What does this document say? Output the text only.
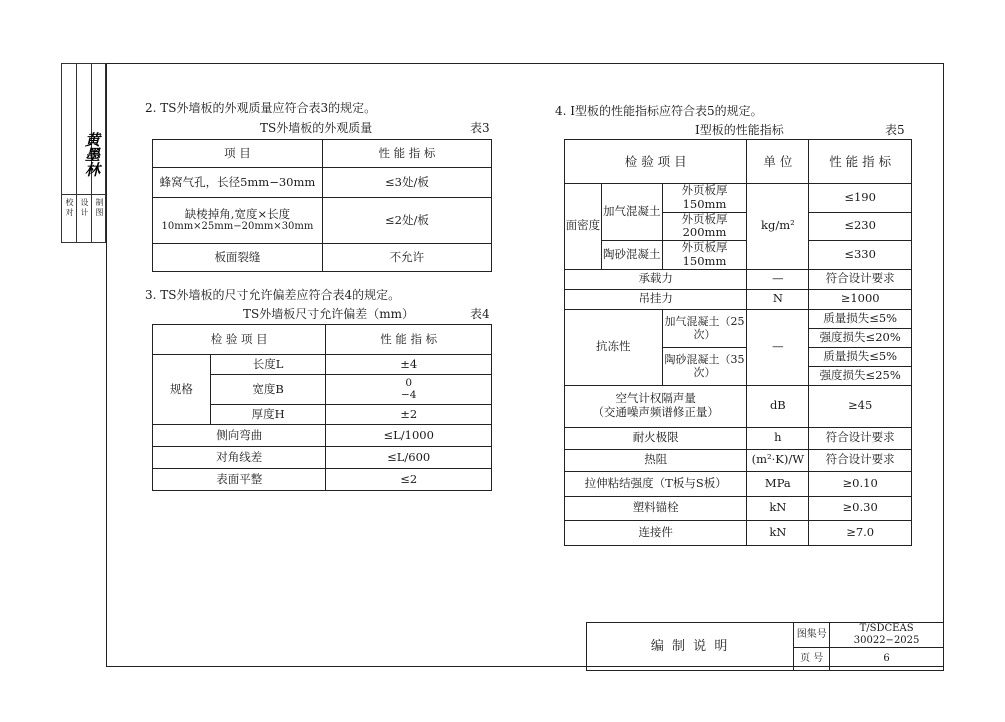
黄墨林
校对
设计
制图
2. TS外墙板的外观质量应符合表3的规定。
TS外墙板的外观质量	表3
项 目	性 能 指 标
蜂窝气孔，长径5mm−30mm	≤3处/板

缺棱掉角,宽度×长度
10mm×25mm−20mm×30mm	≤2处/板
板面裂缝	不允许
3. TS外墙板的尺寸允许偏差应符合表4的规定。
TS外墙板尺寸允许偏差（mm）	表4
检 验 项 目		性 能 指 标
规格	长度L	±4
	宽度B	0
−4

	厚度H	±2
侧向弯曲		≤L/1000
对角线差		≤L/600
表面平整		≤2
4. I型板的性能指标应符合表5的规定。
I型板的性能指标	表5
检 验 项 目			单 位	性 能 指 标
面密度	加气混凝土	外页板厚150mm	kg/m²	≤190
		外页板厚200mm		≤230
	陶砂混凝土	外页板厚150mm		≤330
承载力			—	符合设计要求
吊挂力			N	≥1000
抗冻性		加气混凝土（25次）	—	质量损失≤5%
				强度损失≤20%
		陶砂混凝土（35次）		质量损失≤5%
				强度损失≤25%

空气计权隔声量
（交通噪声频谱修正量）			dB	≥45
耐火极限			h	符合设计要求
热阻			(m²·K)/W	符合设计要求
拉伸粘结强度（T板与S板）			MPa	≥0.10
塑料锚栓			kN	≥0.30
连接件			kN	≥7.0
编 制 说 明	图集号	T/SDCEAS 30022−2025
	页 号	6
